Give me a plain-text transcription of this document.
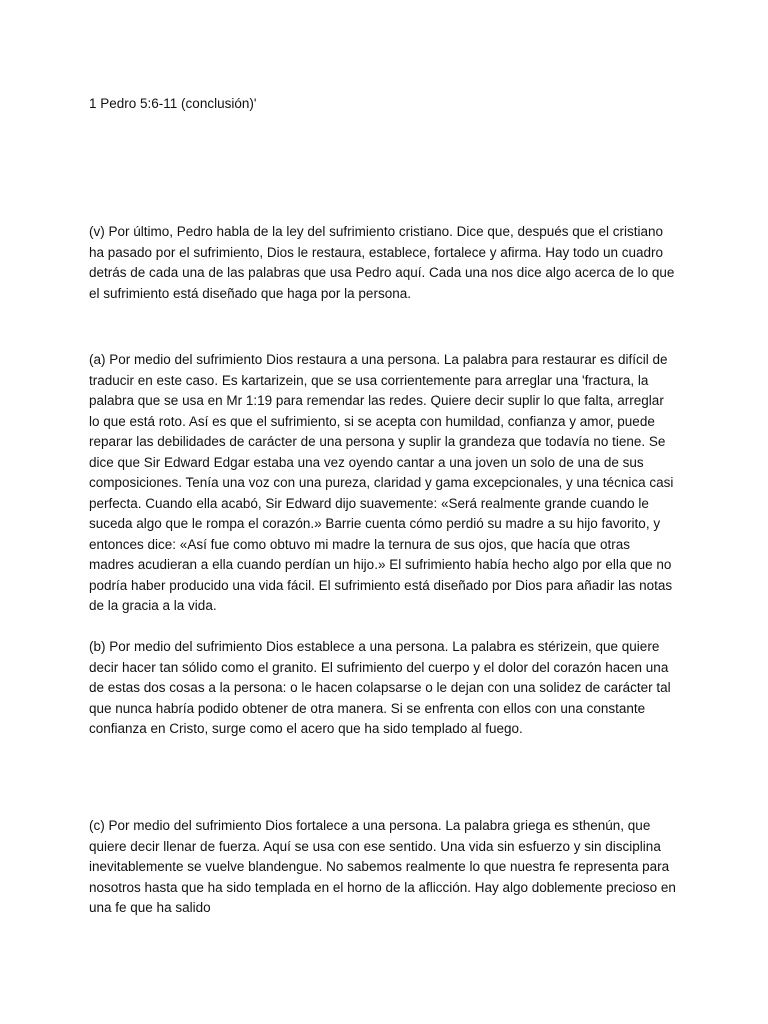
1 Pedro 5:6-11 (conclusión)'

(v) Por último, Pedro habla de la ley del sufrimiento cristiano. Dice que, después que el cristiano ha pasado por el sufrimiento, Dios le restaura, establece, fortalece y afirma. Hay todo un cuadro detrás de cada una de las palabras que usa Pedro aquí. Cada una nos dice algo acerca de lo que el sufrimiento está diseñado que haga por la persona.

(a) Por medio del sufrimiento Dios restaura a una persona. La palabra para restaurar es difícil de traducir en este caso. Es kartarizein, que se usa corrientemente para arreglar una 'fractura, la palabra que se usa en Mr 1:19 para remendar las redes. Quiere decir suplir lo que falta, arreglar lo que está roto. Así es que el sufrimiento, si se acepta con humildad, confianza y amor, puede reparar las debilidades de carácter de una persona y suplir la grandeza que todavía no tiene. Se dice que Sir Edward Edgar estaba una vez oyendo cantar a una joven un solo de una de sus composiciones. Tenía una voz con una pureza, claridad y gama excepcionales, y una técnica casi perfecta. Cuando ella acabó, Sir Edward dijo suavemente: «Será realmente grande cuando le suceda algo que le rompa el corazón.» Barrie cuenta cómo perdió su madre a su hijo favorito, y entonces dice: «Así fue como obtuvo mi madre la ternura de sus ojos, que hacía que otras madres acudieran a ella cuando perdían un hijo.» El sufrimiento había hecho algo por ella que no podría haber producido una vida fácil. El sufrimiento está diseñado por Dios para añadir las notas de la gracia a la vida.

(b) Por medio del sufrimiento Dios establece a una persona. La palabra es stérizein, que quiere decir hacer tan sólido como el granito. El sufrimiento del cuerpo y el dolor del corazón hacen una de estas dos cosas a la persona: o le hacen colapsarse o le dejan con una solidez de carácter tal que nunca habría podido obtener de otra manera. Si se enfrenta con ellos con una constante confianza en Cristo, surge como el acero que ha sido templado al fuego.

(c) Por medio del sufrimiento Dios fortalece a una persona. La palabra griega es sthenún, que quiere decir llenar de fuerza. Aquí se usa con ese sentido. Una vida sin esfuerzo y sin disciplina inevitablemente se vuelve blandengue. No sabemos realmente lo que nuestra fe representa para nosotros hasta que ha sido templada en el horno de la aflicción. Hay algo doblemente precioso en una fe que ha salido
